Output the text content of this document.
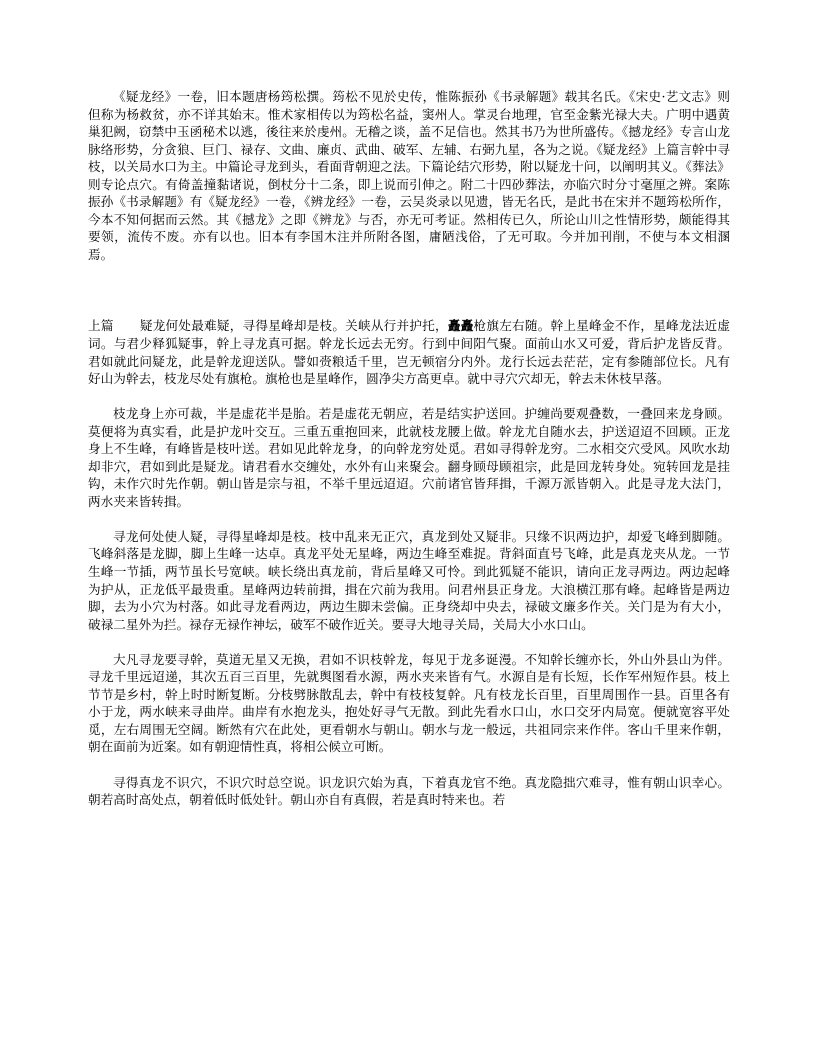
《疑龙经》一卷，旧本题唐杨筠松撰。筠松不见於史传，惟陈振孙《书录解题》载其名氏。《宋史·艺文志》则但称为杨救贫，亦不详其始末。惟术家相传以为筠松名益，窦州人。掌灵台地理，官至金紫光禄大夫。广明中遇黄巢犯阙，窃禁中玉函秘术以逃，後往来於虔州。无稽之谈，盖不足信也。然其书乃为世所盛传。《撼龙经》专言山龙脉络形势，分贪狼、巨门、禄存、文曲、廉贞、武曲、破军、左辅、右弼九星，各为之说。《疑龙经》上篇言幹中寻枝，以关局水口为主。中篇论寻龙到头，看面背朝迎之法。下篇论结穴形势，附以疑龙十问，以阐明其义。《葬法》则专论点穴。有倚盖撞黏诸说，倒杖分十二条，即上说而引伸之。附二十四砂葬法，亦临穴时分寸毫厘之辨。案陈振孙《书录解题》有《疑龙经》一卷，《辨龙经》一卷，云吴炎录以见遗，皆无名氏，是此书在宋并不题筠松所作，今本不知何据而云然。其《撼龙》之即《辨龙》与否，亦无可考证。然相传已久，所论山川之性情形势，颇能得其要领，流传不废。亦有以也。旧本有李国木注并所附各图，庸陋浅俗，了无可取。今并加刊削，不使与本文相溷焉。

上篇 疑龙何处最难疑，寻得星峰却是枝。关峡从行并护托，矗矗枪旗左右随。幹上星峰金不作，星峰龙法近虚词。与君少释狐疑事，幹上寻龙真可据。幹龙长远去无穷。行到中间阳气聚。面前山水又可爱，背后护龙皆反背。君如就此问疑龙，此是幹龙迎送队。譬如赍粮适千里，岂无顿宿分内外。龙行长远去茫茫，定有参随部位长。凡有好山为幹去，枝龙尽处有旗枪。旗枪也是星峰作，圆净尖方高更卓。就中寻穴穴却无，幹去未休枝早落。

枝龙身上亦可裁，半是虚花半是胎。若是虚花无朝应，若是结实护送回。护缠尚要观叠数，一叠回来龙身顾。莫便将为真实看，此是护龙叶交互。三重五重抱回来，此就枝龙腰上做。幹龙尤自随水去，护送迢迢不回顾。正龙身上不生峰，有峰皆是枝叶送。君如见此幹龙身，的向幹龙穷处觅。君如寻得幹龙穷。二水相交穴受风。风吹水劫却非穴，君如到此是疑龙。请君看水交缠处，水外有山来聚会。翻身顾母顾祖宗，此是回龙转身处。宛转回龙是挂钩，未作穴时先作朝。朝山皆是宗与祖，不举千里远迢迢。穴前诸官皆拜揖，千源万派皆朝入。此是寻龙大法门，两水夹来皆转揖。

寻龙何处使人疑，寻得星峰却是枝。枝中乱来无正穴，真龙到处又疑非。只缘不识两边护，却爱飞峰到脚随。飞峰斜落是龙脚，脚上生峰一达卓。真龙平处无星峰，两边生峰至难捉。背斜面直号飞峰，此是真龙夹从龙。一节生峰一节插，两节虽长号宽峡。峡长绕出真龙前，背后星峰又可怜。到此狐疑不能识，请向正龙寻两边。两边起峰为护从，正龙低平最贵重。星峰两边转前揖，揖在穴前为我用。问君州县正身龙。大浪横江那有峰。起峰皆是两边脚，去为小穴为村落。如此寻龙看两边，两边生脚未尝偏。正身绕却中央去，禄破文廉多作关。关门是为有大小，破禄二星外为拦。禄存无禄作神坛，破军不破作近关。要寻大地寻关局，关局大小水口山。

大凡寻龙要寻幹，莫道无星又无换，君如不识枝幹龙，每见于龙多诞漫。不知幹长缠亦长，外山外县山为伴。寻龙千里远迢递，其次五百三百里，先就舆图看水源，两水夹来皆有气。水源自是有长短，长作军州短作县。枝上节节是乡村，幹上时时断复断。分枝劈脉散乱去，幹中有枝枝复幹。凡有枝龙长百里，百里周围作一县。百里各有小于龙，两水峡来寻曲岸。曲岸有水抱龙头，抱处好寻气无散。到此先看水口山，水口交牙内局宽。便就宽容平处觅，左右周围无空阔。断然有穴在此处，更看朝水与朝山。朝水与龙一般远，共祖同宗来作伴。客山千里来作朝，朝在面前为近案。如有朝迎情性真，将相公候立可断。

寻得真龙不识穴，不识穴时总空说。识龙识穴始为真，下着真龙官不绝。真龙隐拙穴难寻，惟有朝山识幸心。朝若高时高处点，朝着低时低处针。朝山亦自有真假，若是真时特来也。若
